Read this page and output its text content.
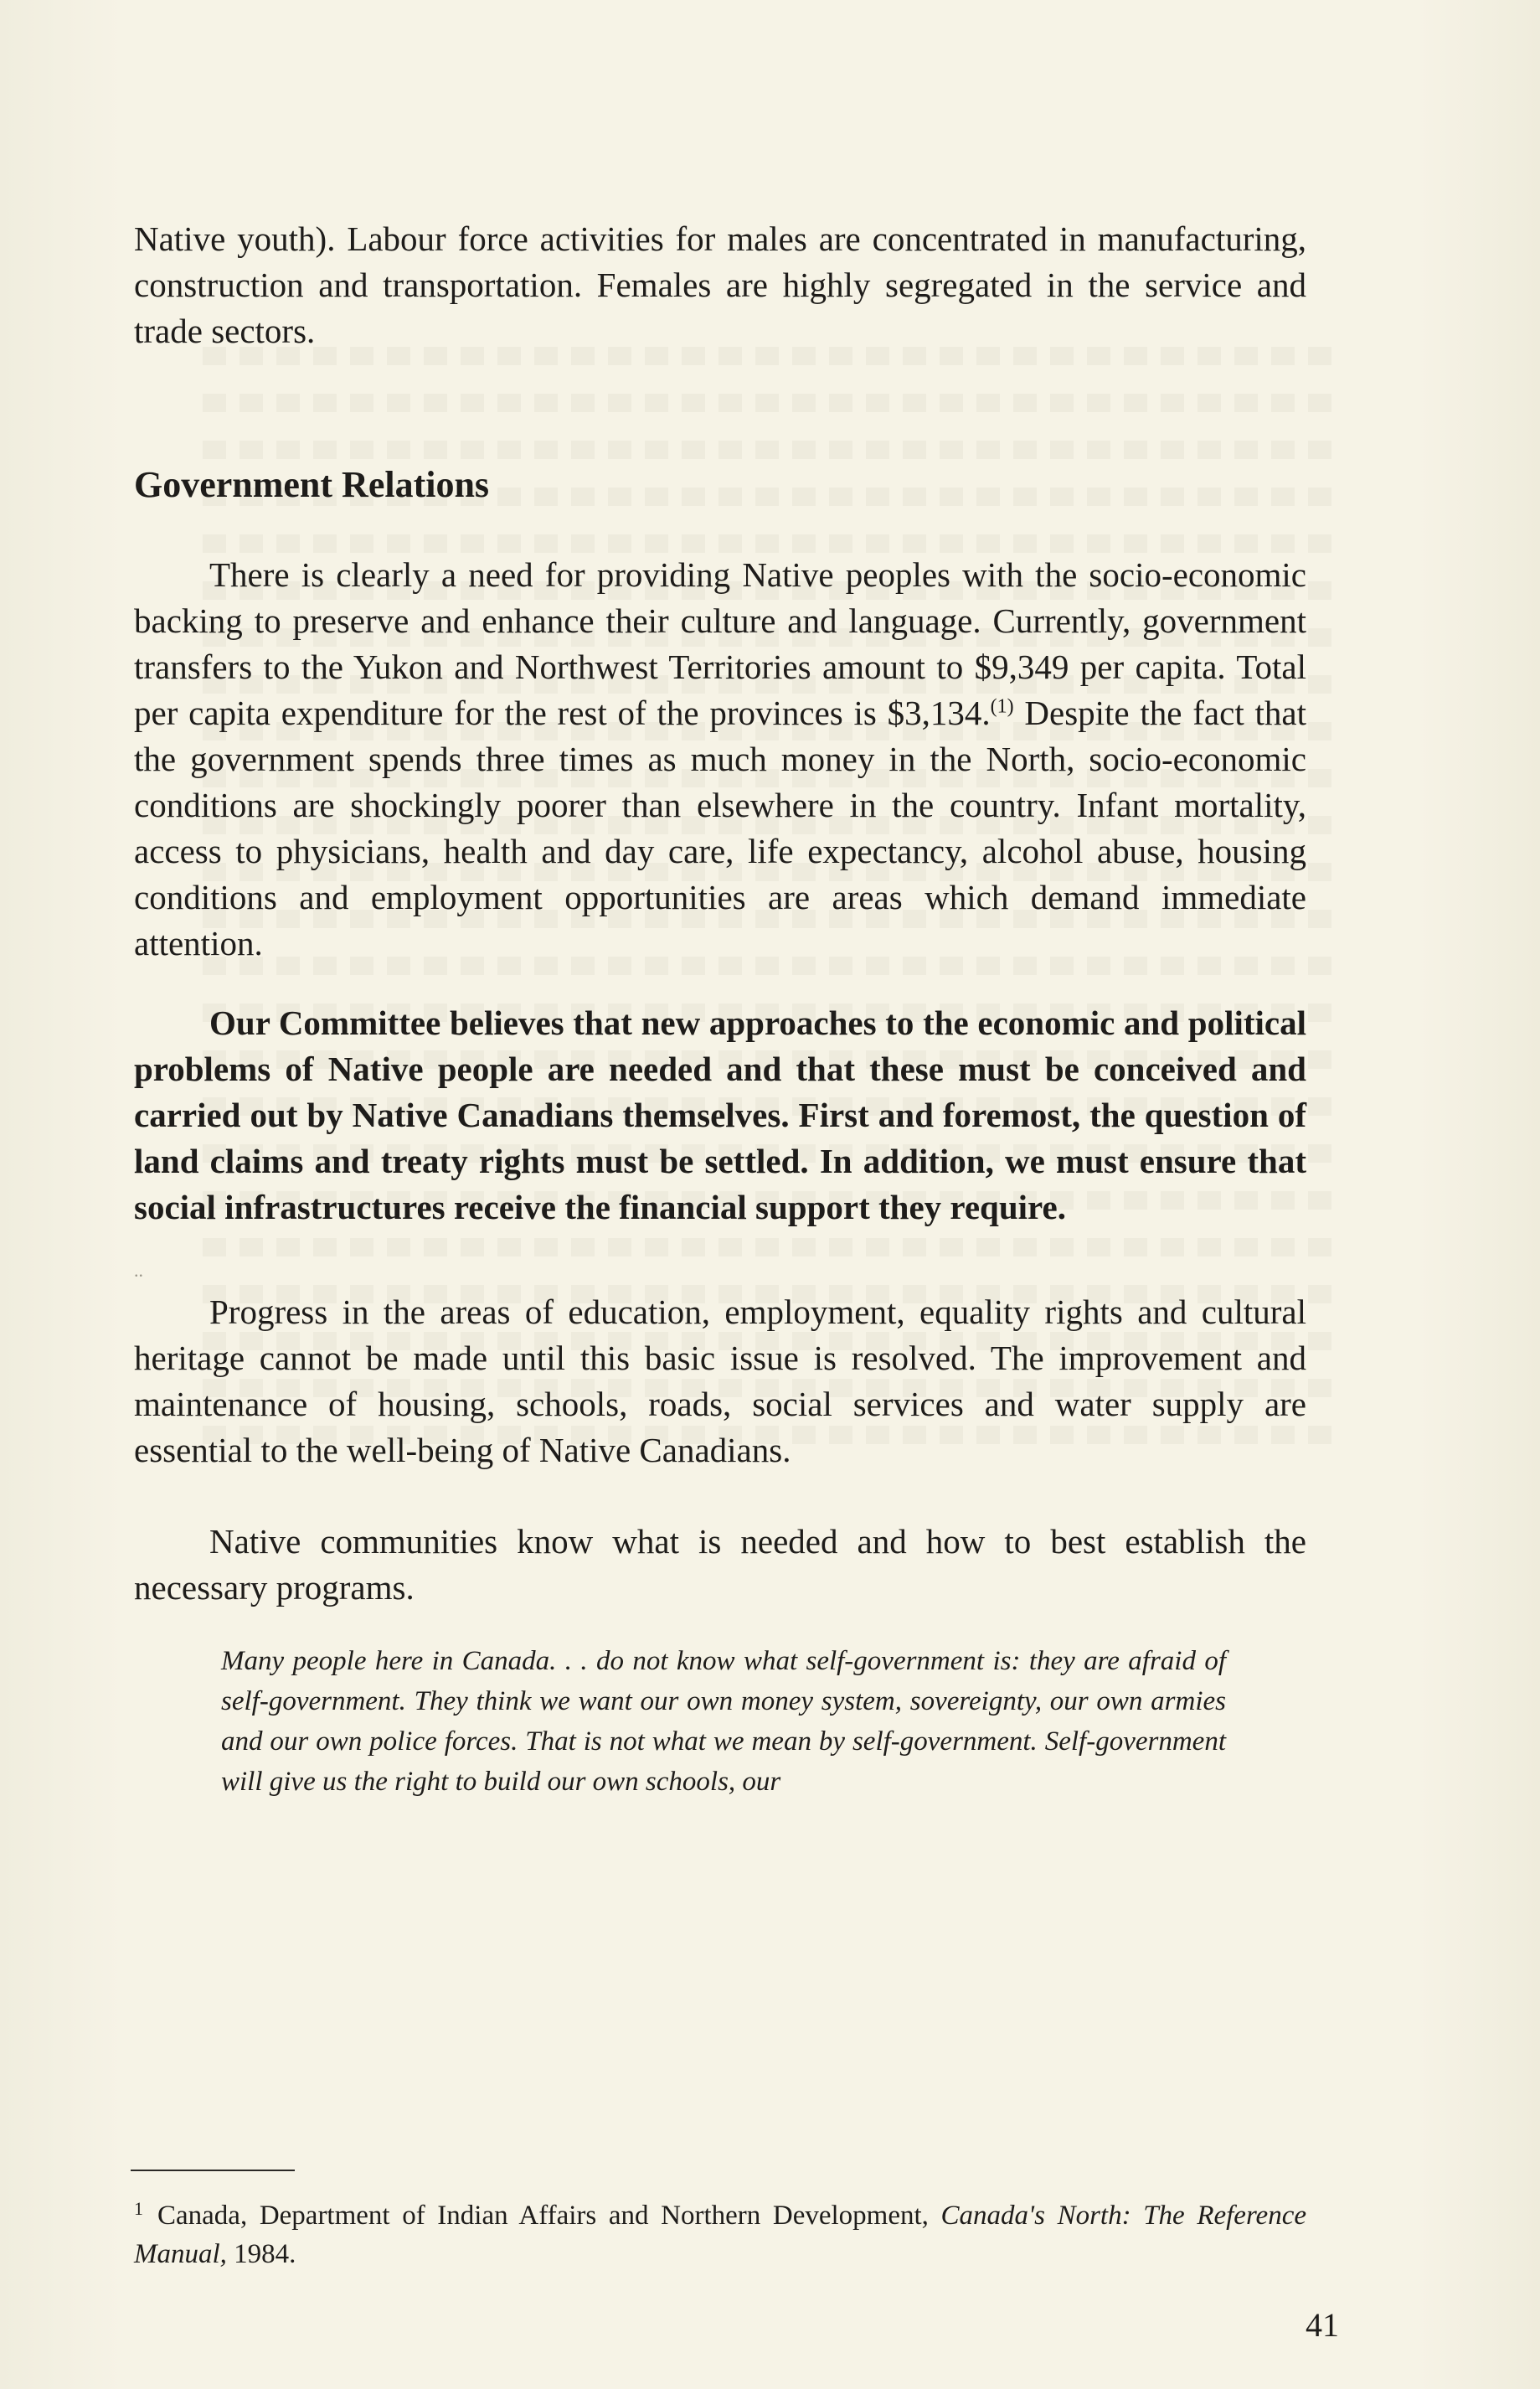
Native youth). Labour force activities for males are concentrated in manufacturing, construction and transportation. Females are highly segregated in the service and trade sectors.

Government Relations

There is clearly a need for providing Native peoples with the socio-economic backing to preserve and enhance their culture and language. Currently, government transfers to the Yukon and Northwest Territories amount to $9,349 per capita. Total per capita expenditure for the rest of the provinces is $3,134.$^{(1)}$ Despite the fact that the government spends three times as much money in the North, socio-economic conditions are shockingly poorer than elsewhere in the country. Infant mortality, access to physicians, health and day care, life expectancy, alcohol abuse, housing conditions and employment opportunities are areas which demand immediate attention.

Our Committee believes that new approaches to the economic and political problems of Native people are needed and that these must be conceived and carried out by Native Canadians themselves. First and foremost, the question of land claims and treaty rights must be settled. In addition, we must ensure that social infrastructures receive the financial support they require.

..

Progress in the areas of education, employment, equality rights and cultural heritage cannot be made until this basic issue is resolved. The improvement and maintenance of housing, schools, roads, social services and water supply are essential to the well-being of Native Canadians.

Native communities know what is needed and how to best establish the necessary programs.

Many people here in Canada. . . do not know what self-government is: they are afraid of self-government. They think we want our own money system, sovereignty, our own armies and our own police forces. That is not what we mean by self-government. Self-government will give us the right to build our own schools, our

1 Canada, Department of Indian Affairs and Northern Development, Canada's North: The Reference Manual, 1984.
41
